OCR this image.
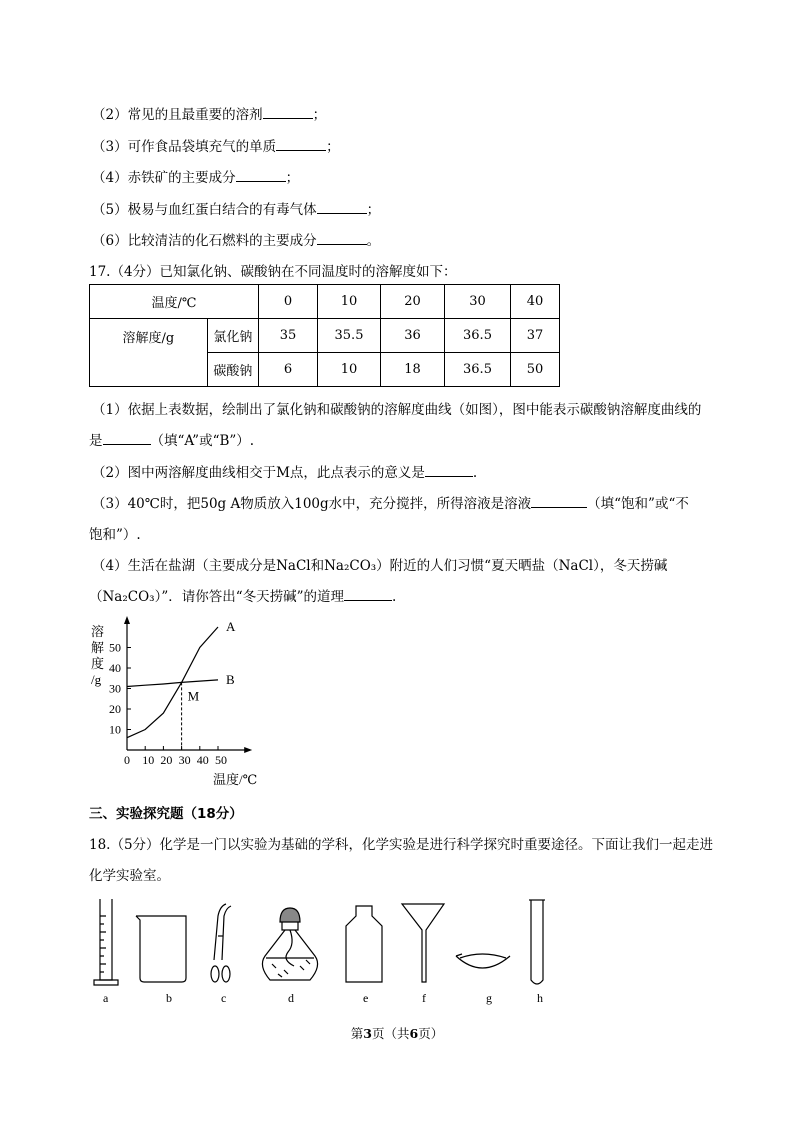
（2）常见的且最重要的溶剂	；
（3）可作食品袋填充气的单质	；
（4）赤铁矿的主要成分	；
（5）极易与血红蛋白结合的有毒气体	；
（6）比较清洁的化石燃料的主要成分	。
17.（4分）已知氯化钠、碳酸钠在不同温度时的溶解度如下：
温度/℃		0	10	20	30	40
溶解度/g	氯化钠	35	35.5	36	36.5	37
	碳酸钠	6	10	18	36.5	50
（1）依据上表数据，绘制出了氯化钠和碳酸钠的溶解度曲线（如图），图中能表示碳酸钠溶解度曲线的
是	（填“A”或“B”）.
（2）图中两溶解度曲线相交于M点，此点表示的意义是	.
（3）40℃时，把50g A物质放入100g水中，充分搅拌，所得溶液是溶液	（填“饱和”或“不
饱和”）.
（4）生活在盐湖（主要成分是NaCl和Na₂CO₃）附近的人们习惯“夏天晒盐（NaCl），冬天捞碱
（Na₂CO₃）”．请你答出“冬天捞碱”的道理	.
溶
解
度
/g
温度/℃
0 10 20 30 40 50
10
20
30
40
50
A
B
M
三、实验探究题（18分）
18.（5分）化学是一门以实验为基础的学科，化学实验是进行科学探究时重要途径。下面让我们一起走进
化学实验室。
a	b	c	d	e	f	g	h
第3页（共6页）
